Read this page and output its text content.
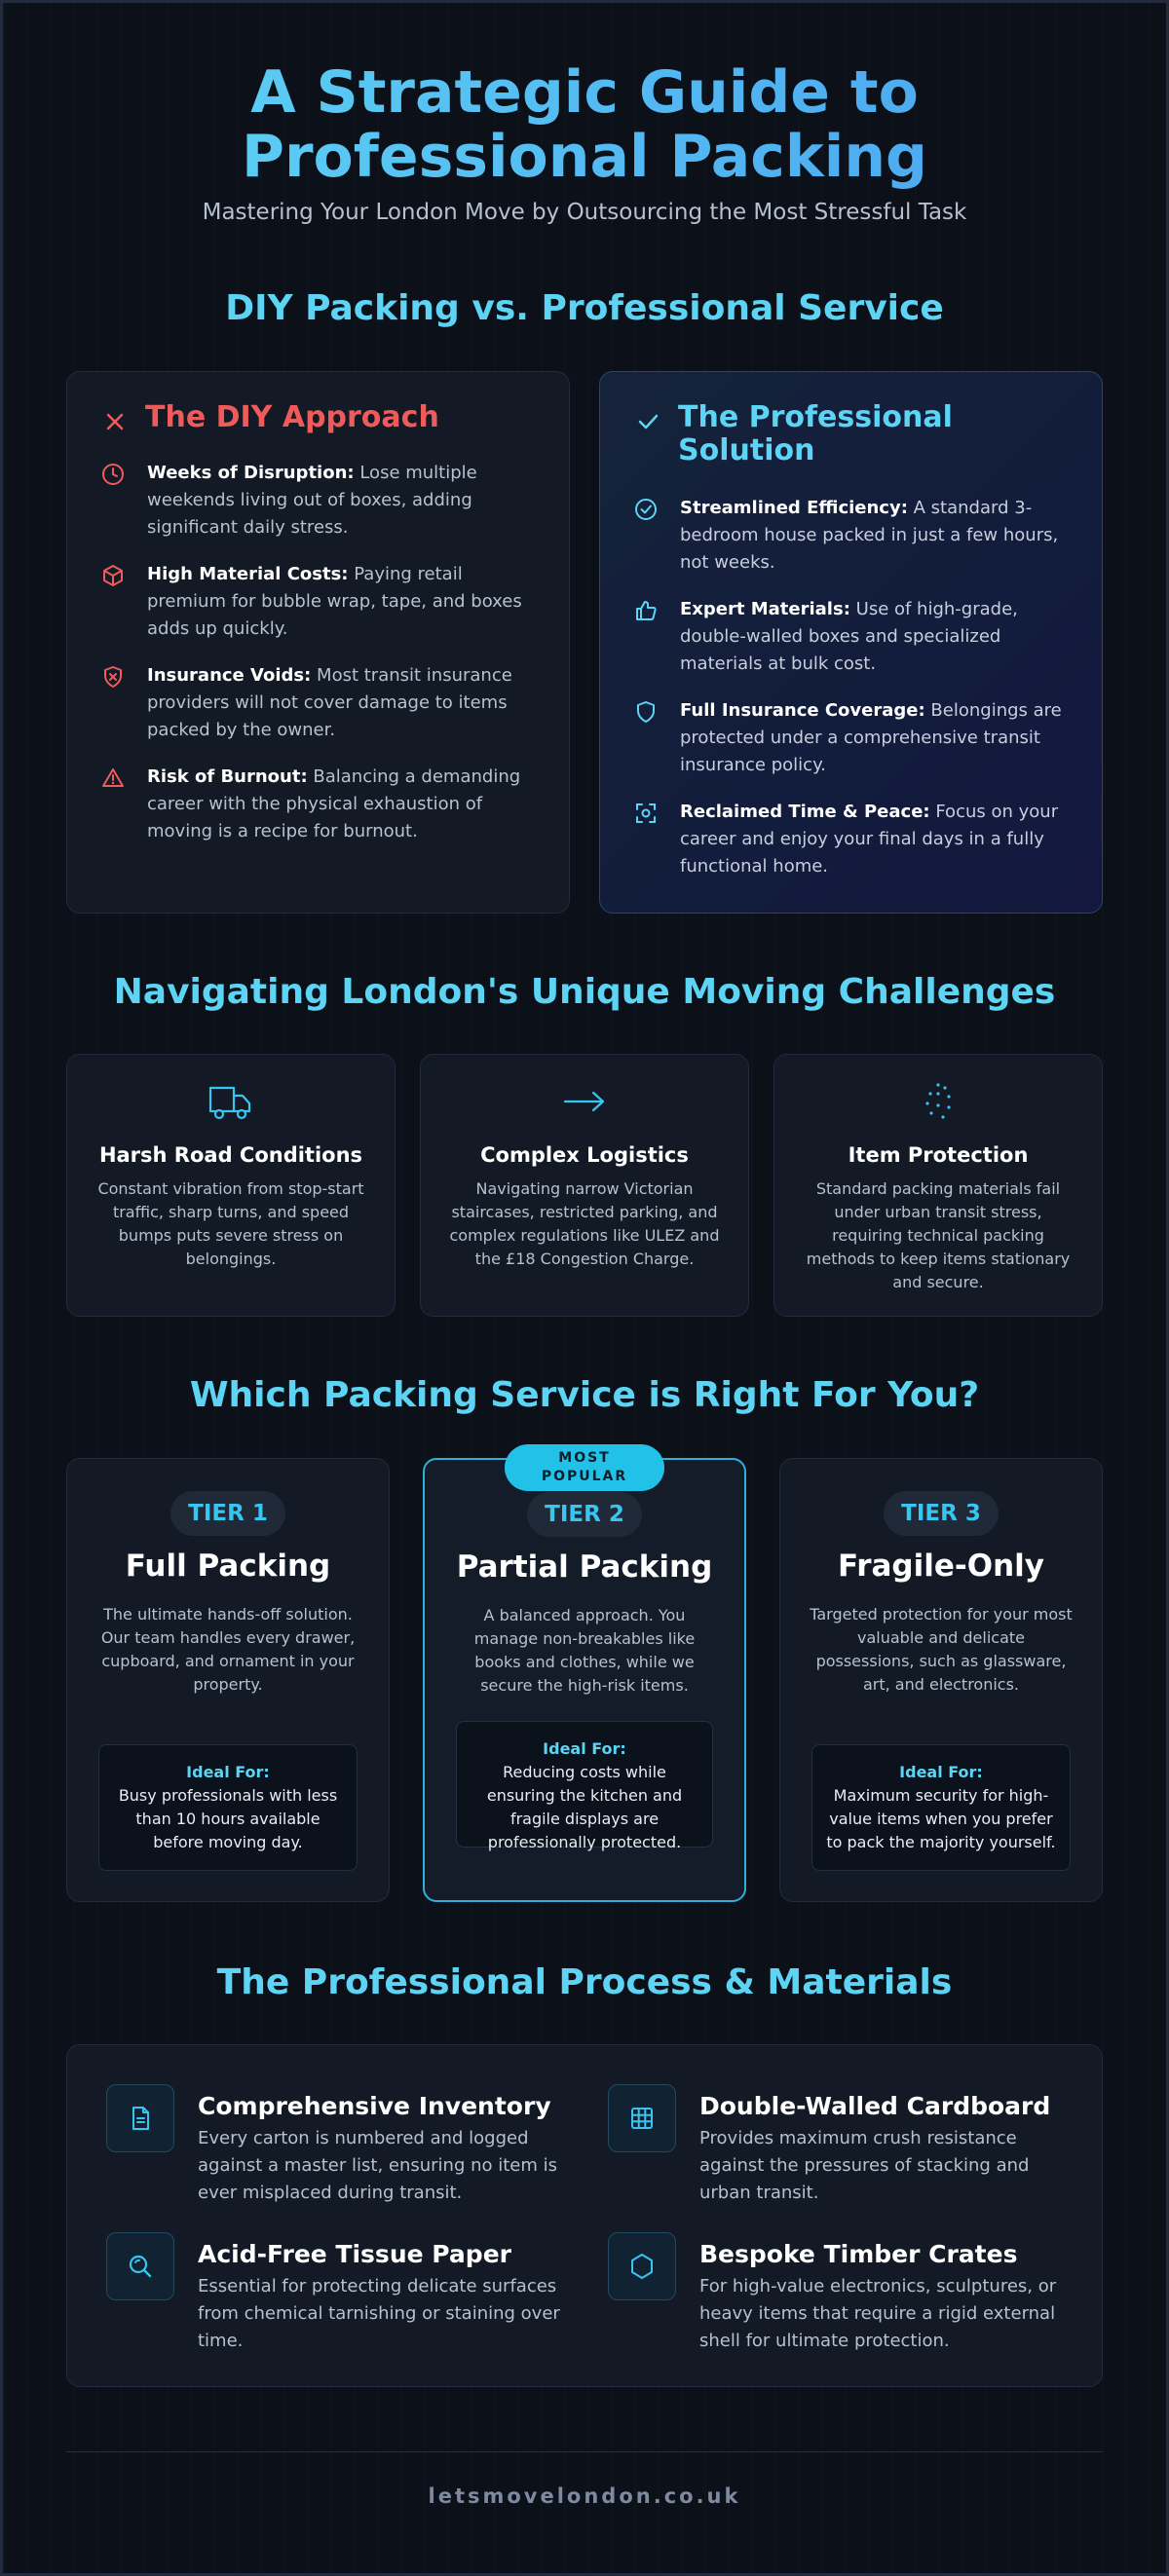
A Strategic Guide to Professional Packing

Mastering Your London Move by Outsourcing the Most Stressful Task

DIY Packing vs. Professional Service
The DIY Approach

Weeks of Disruption: Lose multiple weekends living out of boxes, adding significant daily stress.

High Material Costs: Paying retail premium for bubble wrap, tape, and boxes adds up quickly.

Insurance Voids: Most transit insurance providers will not cover damage to items packed by the owner.

Risk of Burnout: Balancing a demanding career with the physical exhaustion of moving is a recipe for burnout.

The Professional Solution

Streamlined Efficiency: A standard 3-bedroom house packed in just a few hours, not weeks.

Expert Materials: Use of high-grade, double-walled boxes and specialized materials at bulk cost.

Full Insurance Coverage: Belongings are protected under a comprehensive transit insurance policy.

Reclaimed Time & Peace: Focus on your career and enjoy your final days in a fully functional home.

Navigating London's Unique Moving Challenges
Harsh Road Conditions
Constant vibration from stop-start traffic, sharp turns, and speed bumps puts severe stress on belongings.
Complex Logistics
Navigating narrow Victorian staircases, restricted parking, and complex regulations like ULEZ and the £18 Congestion Charge.
Item Protection
Standard packing materials fail under urban transit stress, requiring technical packing methods to keep items stationary and secure.
Which Packing Service is Right For You?
TIER 1
Full Packing
The ultimate hands-off solution. Our team handles every drawer, cupboard, and ornament in your property.
Ideal For:
Busy professionals with less than 10 hours available before moving day.
MOST POPULAR
TIER 2
Partial Packing
A balanced approach. You manage non-breakables like books and clothes, while we secure the high-risk items.
Ideal For:
Reducing costs while ensuring the kitchen and fragile displays are professionally protected.
TIER 3
Fragile-Only
Targeted protection for your most valuable and delicate possessions, such as glassware, art, and electronics.
Ideal For:
Maximum security for high-value items when you prefer to pack the majority yourself.
The Professional Process & Materials
Comprehensive Inventory
Every carton is numbered and logged against a master list, ensuring no item is ever misplaced during transit.
Double-Walled Cardboard
Provides maximum crush resistance against the pressures of stacking and urban transit.
Acid-Free Tissue Paper
Essential for protecting delicate surfaces from chemical tarnishing or staining over time.
Bespoke Timber Crates
For high-value electronics, sculptures, or heavy items that require a rigid external shell for ultimate protection.
letsmovelondon.co.uk
